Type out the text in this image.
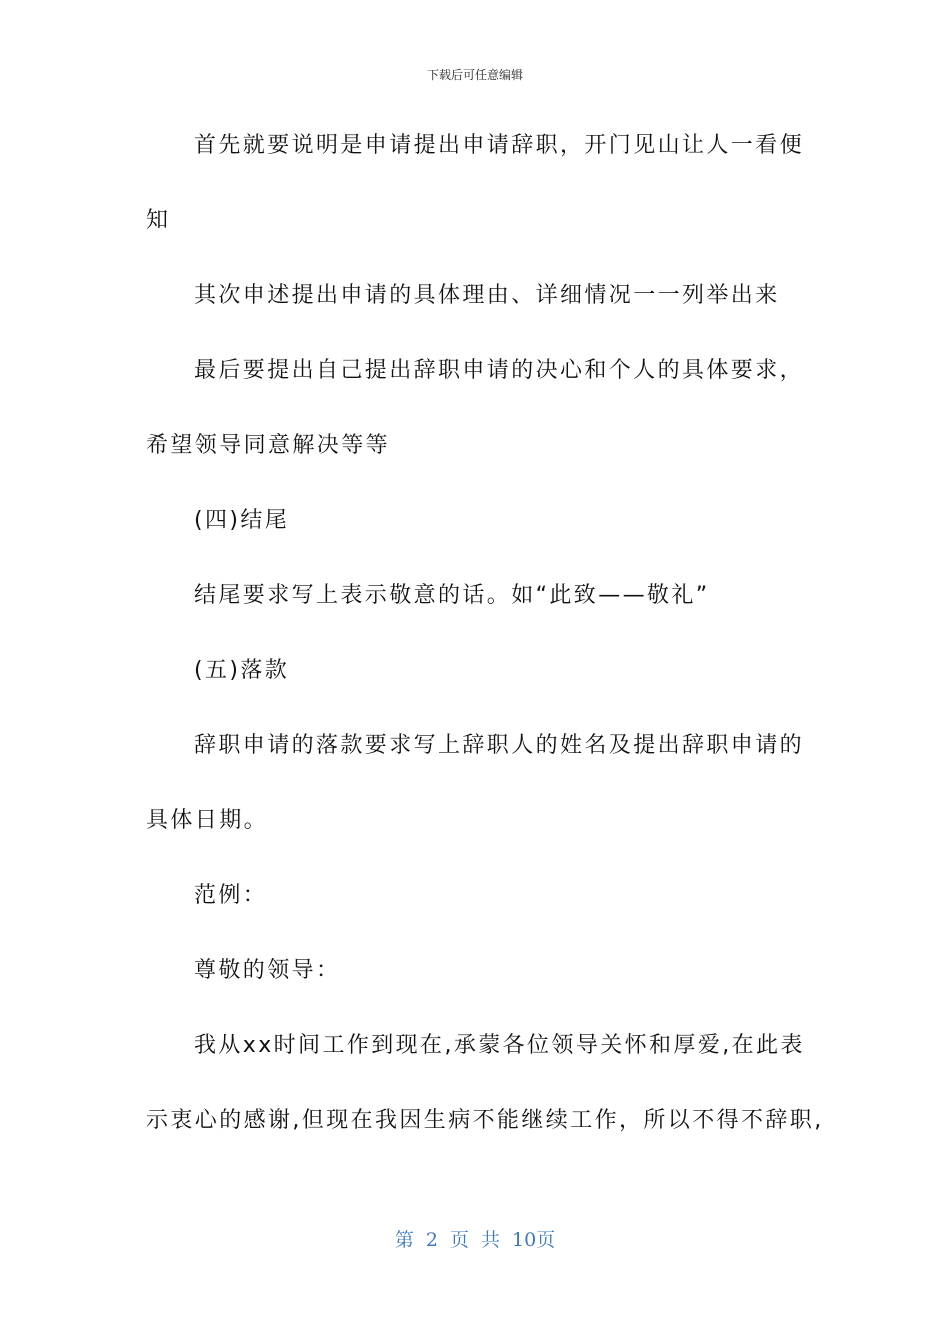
下载后可任意编辑
首先就要说明是申请提出申请辞职，开门见山让人一看便
知
其次申述提出申请的具体理由、详细情况一一列举出来
最后要提出自己提出辞职申请的决心和个人的具体要求，
希望领导同意解决等等
(四)结尾
结尾要求写上表示敬意的话。如“此致——敬礼”
(五)落款
辞职申请的落款要求写上辞职人的姓名及提出辞职申请的
具体日期。
范例：
尊敬的领导：
我从xx时间工作到现在,承蒙各位领导关怀和厚爱,在此表
示衷心的感谢,但现在我因生病不能继续工作，所以不得不辞职,
第 2 页 共 10页
